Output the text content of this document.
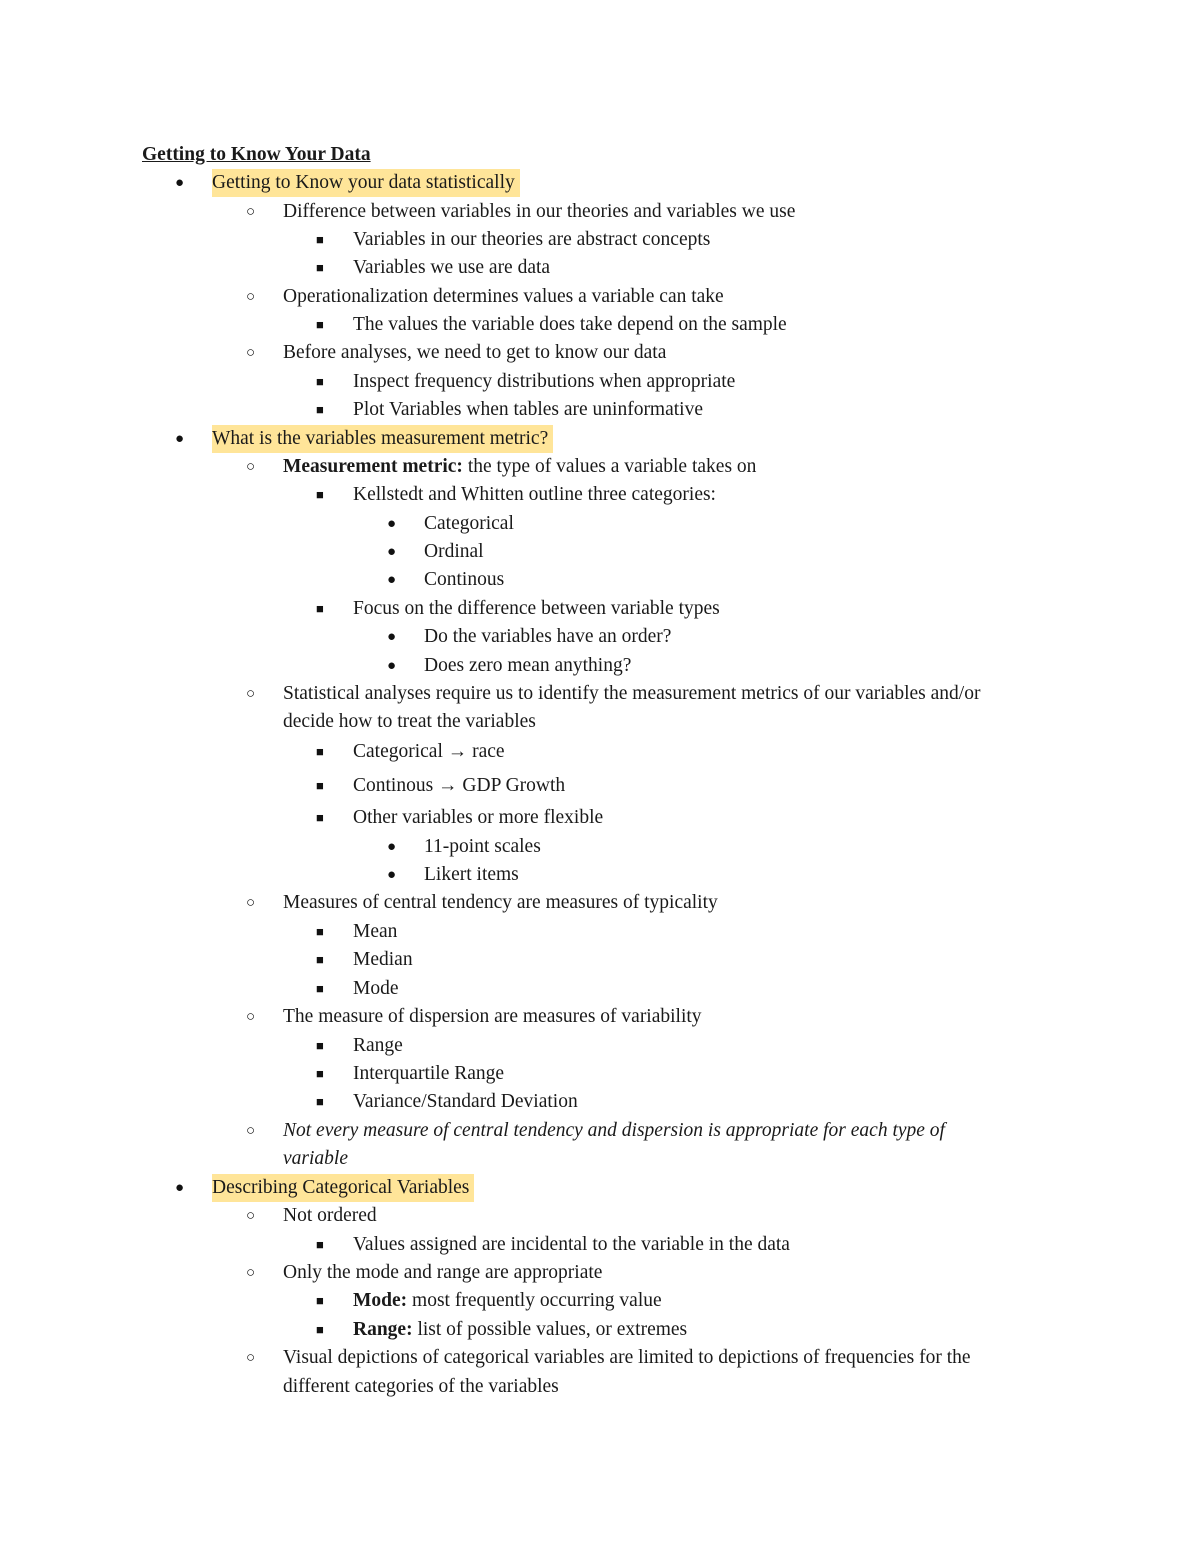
Getting to Know Your Data
● Getting to Know your data statistically
○ Difference between variables in our theories and variables we use
■ Variables in our theories are abstract concepts
■ Variables we use are data
○ Operationalization determines values a variable can take
■ The values the variable does take depend on the sample
○ Before analyses, we need to get to know our data
■ Inspect frequency distributions when appropriate
■ Plot Variables when tables are uninformative
● What is the variables measurement metric?
○ Measurement metric: the type of values a variable takes on
■ Kellstedt and Whitten outline three categories:
● Categorical
● Ordinal
● Continous
■ Focus on the difference between variable types
● Do the variables have an order?
● Does zero mean anything?
○ Statistical analyses require us to identify the measurement metrics of our variables and/or
decide how to treat the variables
■ Categorical → race
■ Continous → GDP Growth
■ Other variables or more flexible
● 11-point scales
● Likert items
○ Measures of central tendency are measures of typicality
■ Mean
■ Median
■ Mode
○ The measure of dispersion are measures of variability
■ Range
■ Interquartile Range
■ Variance/Standard Deviation
○ Not every measure of central tendency and dispersion is appropriate for each type of
variable
● Describing Categorical Variables
○ Not ordered
■ Values assigned are incidental to the variable in the data
○ Only the mode and range are appropriate
■ Mode: most frequently occurring value
■ Range: list of possible values, or extremes
○ Visual depictions of categorical variables are limited to depictions of frequencies for the
different categories of the variables
